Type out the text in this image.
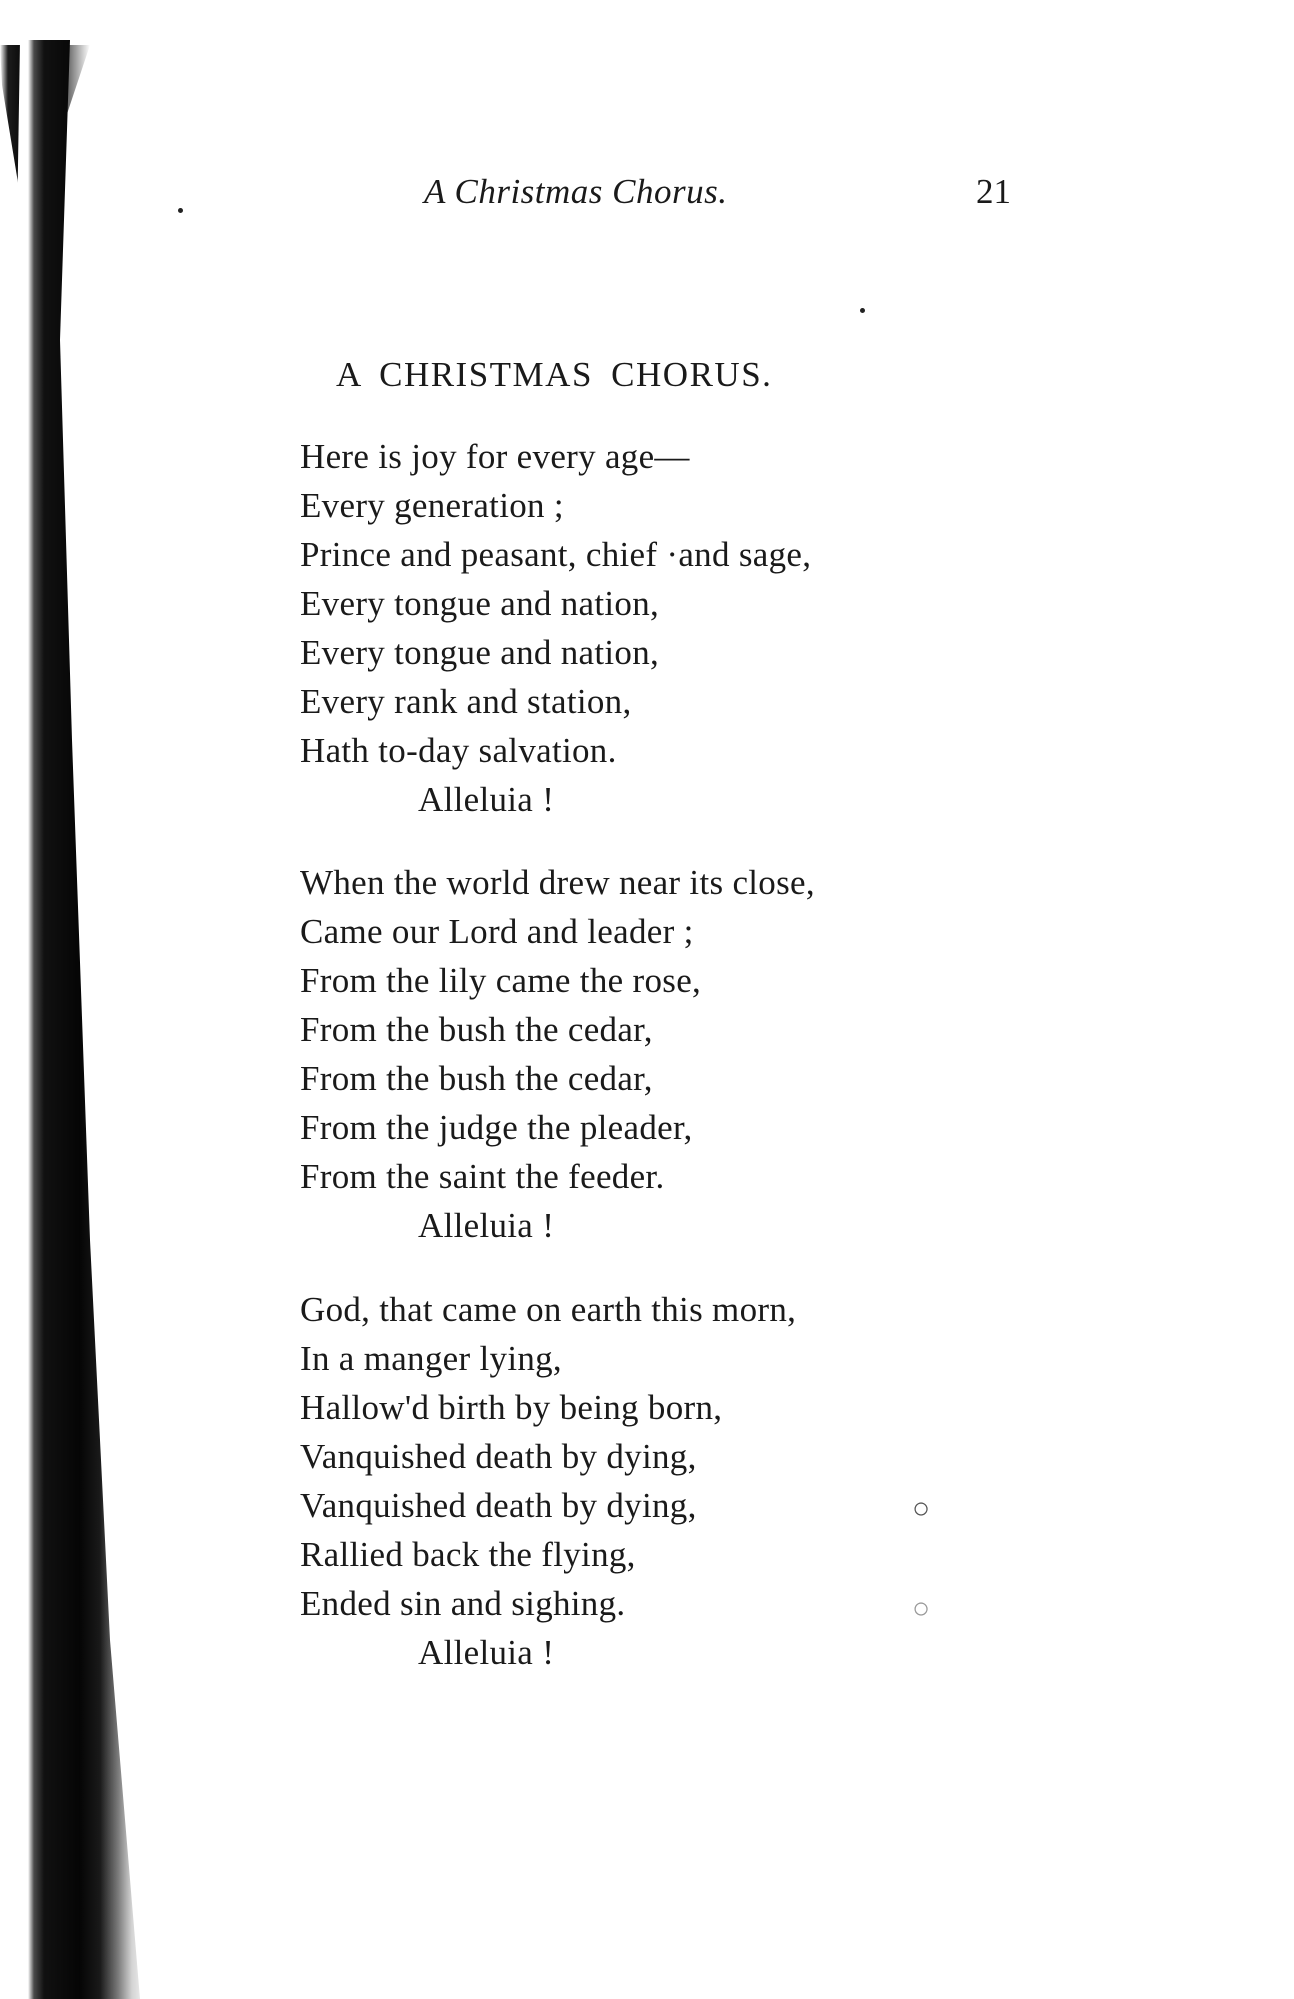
A Christmas Chorus.	21
A CHRISTMAS CHORUS.
Here is joy for every age—
Every generation ;
Prince and peasant, chief ·and sage,
Every tongue and nation,
Every tongue and nation,
Every rank and station,
Hath to-day salvation.
Alleluia !
When the world drew near its close,
Came our Lord and leader ;
From the lily came the rose,
From the bush the cedar,
From the bush the cedar,
From the judge the pleader,
From the saint the feeder.
Alleluia !
God, that came on earth this morn,
In a manger lying,
Hallow'd birth by being born,
Vanquished death by dying,
Vanquished death by dying,
Rallied back the flying,
Ended sin and sighing.
Alleluia !
○
○
